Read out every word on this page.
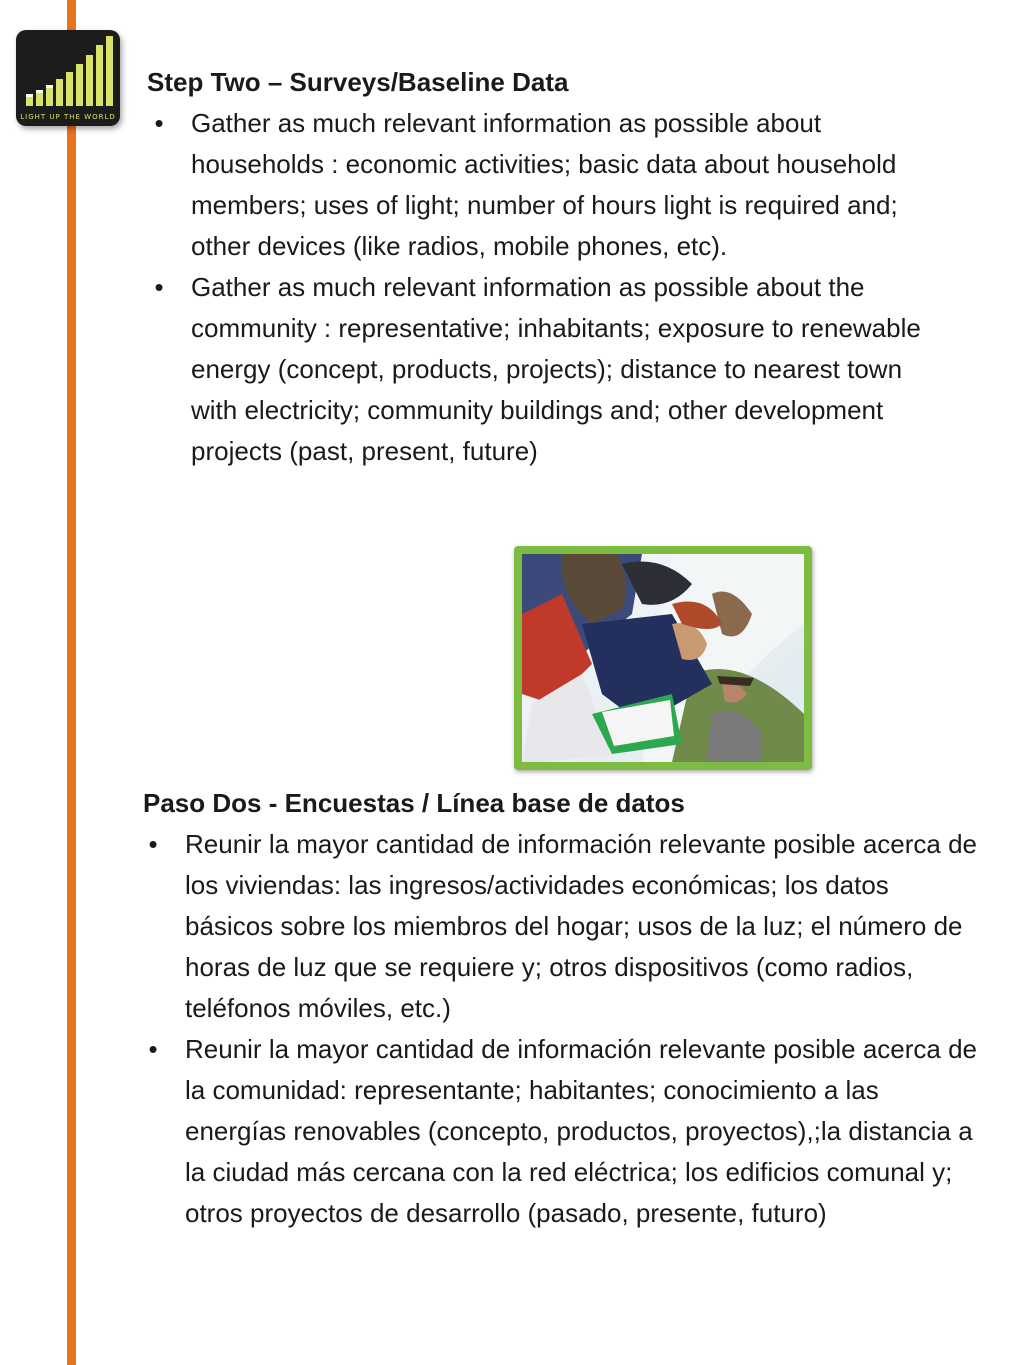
LIGHT UP THE WORLD

Step Two – Surveys/Baseline Data

• Gather as much relevant information as possible about households : economic activities; basic data about household members; uses of light; number of hours light is required and; other devices (like radios, mobile phones, etc).
• Gather as much relevant information as possible about the community : representative; inhabitants; exposure to renewable energy (concept, products, projects); distance to nearest town with electricity; community buildings and; other development projects (past, present, future)

Paso Dos - Encuestas / Línea base de datos

• Reunir la mayor cantidad de información relevante posible acerca de los viviendas: las ingresos/actividades económicas; los datos básicos sobre los miembros del hogar; usos de la luz; el número de horas de luz que se requiere y; otros dispositivos (como radios, teléfonos móviles, etc.)
• Reunir la mayor cantidad de información relevante posible acerca de la comunidad: representante; habitantes; conocimiento a las energías renovables (concepto, productos, proyectos),;la distancia a la ciudad más cercana con la red eléctrica; los edificios comunal y; otros proyectos de desarrollo (pasado, presente, futuro)
